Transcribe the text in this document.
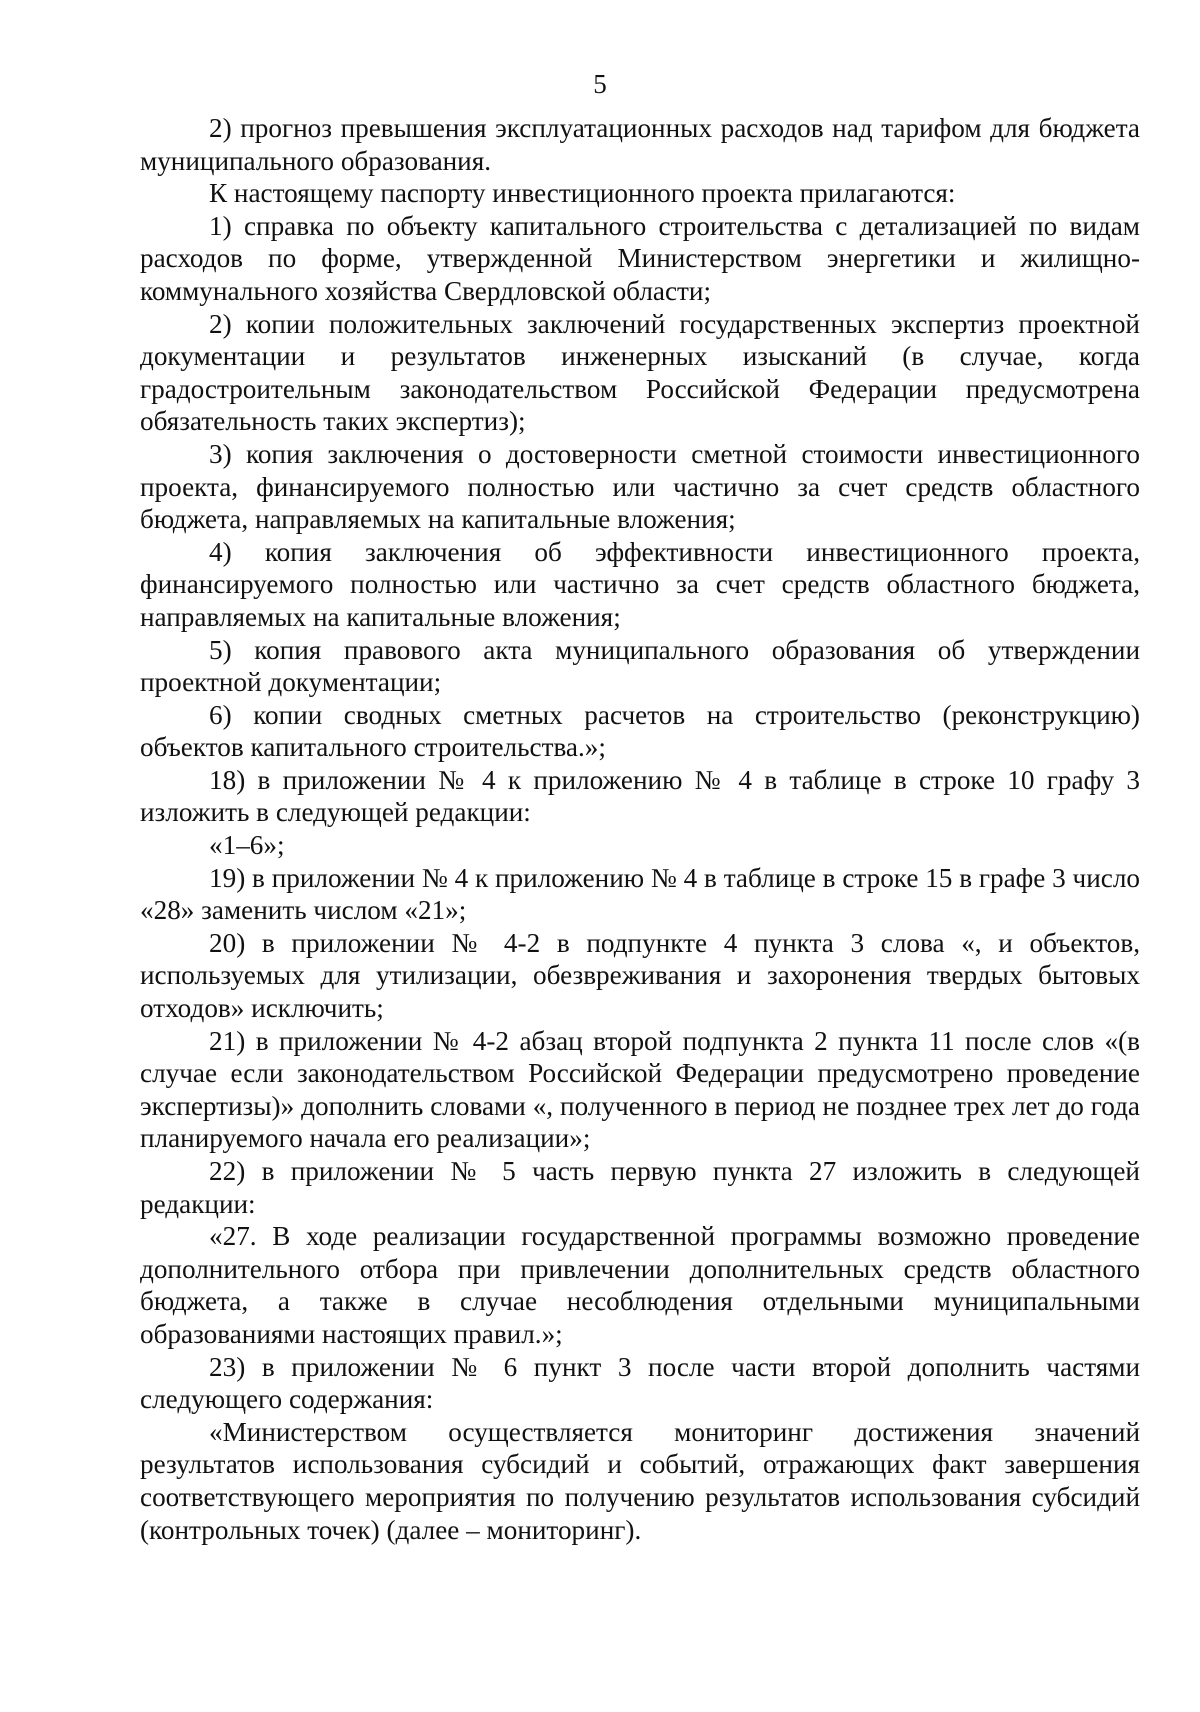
5

2) прогноз превышения эксплуатационных расходов над тарифом для бюджета муниципального образования.

К настоящему паспорту инвестиционного проекта прилагаются:

1) справка по объекту капитального строительства с детализацией по видам расходов по форме, утвержденной Министерством энергетики и жилищно-коммунального хозяйства Свердловской области;

2) копии положительных заключений государственных экспертиз проектной документации и результатов инженерных изысканий (в случае, когда градостроительным законодательством Российской Федерации предусмотрена обязательность таких экспертиз);

3) копия заключения о достоверности сметной стоимости инвестиционного проекта, финансируемого полностью или частично за счет средств областного бюджета, направляемых на капитальные вложения;

4) копия заключения об эффективности инвестиционного проекта, финансируемого полностью или частично за счет средств областного бюджета, направляемых на капитальные вложения;

5) копия правового акта муниципального образования об утверждении проектной документации;

6) копии сводных сметных расчетов на строительство (реконструкцию) объектов капитального строительства.»;

18) в приложении № 4 к приложению № 4 в таблице в строке 10 графу 3 изложить в следующей редакции:

«1–6»;

19) в приложении № 4 к приложению № 4 в таблице в строке 15 в графе 3 число «28» заменить числом «21»;

20) в приложении № 4-2 в подпункте 4 пункта 3 слова «, и объектов, используемых для утилизации, обезвреживания и захоронения твердых бытовых отходов» исключить;

21) в приложении № 4-2 абзац второй подпункта 2 пункта 11 после слов «(в случае если законодательством Российской Федерации предусмотрено проведение экспертизы)» дополнить словами «, полученного в период не позднее трех лет до года планируемого начала его реализации»;

22) в приложении № 5 часть первую пункта 27 изложить в следующей редакции:

«27. В ходе реализации государственной программы возможно проведение дополнительного отбора при привлечении дополнительных средств областного бюджета, а также в случае несоблюдения отдельными муниципальными образованиями настоящих правил.»;

23) в приложении № 6 пункт 3 после части второй дополнить частями следующего содержания:

«Министерством осуществляется мониторинг достижения значений результатов использования субсидий и событий, отражающих факт завершения соответствующего мероприятия по получению результатов использования субсидий (контрольных точек) (далее – мониторинг).
